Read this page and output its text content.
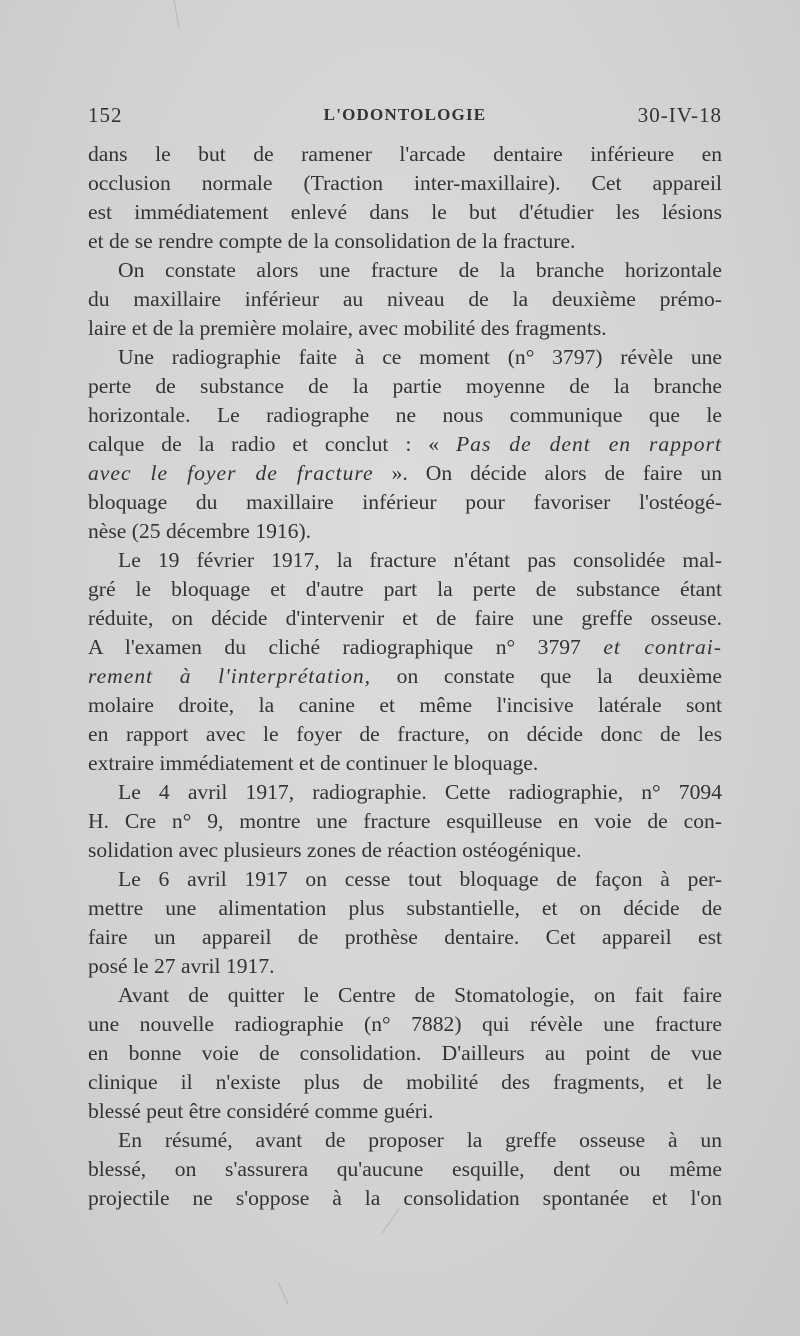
152	L'ODONTOLOGIE	30-IV-18
dans le but de ramener l'arcade dentaire inférieure en
occlusion normale (Traction inter-maxillaire). Cet appareil
est immédiatement enlevé dans le but d'étudier les lésions
et de se rendre compte de la consolidation de la fracture.
On constate alors une fracture de la branche horizontale
du maxillaire inférieur au niveau de la deuxième prémo-
laire et de la première molaire, avec mobilité des fragments.
Une radiographie faite à ce moment (n° 3797) révèle une
perte de substance de la partie moyenne de la branche
horizontale. Le radiographe ne nous communique que le
calque de la radio et conclut : « Pas de dent en rapport
avec le foyer de fracture ». On décide alors de faire un
bloquage du maxillaire inférieur pour favoriser l'ostéogé-
nèse (25 décembre 1916).
Le 19 février 1917, la fracture n'étant pas consolidée mal-
gré le bloquage et d'autre part la perte de substance étant
réduite, on décide d'intervenir et de faire une greffe osseuse.
A l'examen du cliché radiographique n° 3797 et contrai-
rement à l'interprétation, on constate que la deuxième
molaire droite, la canine et même l'incisive latérale sont
en rapport avec le foyer de fracture, on décide donc de les
extraire immédiatement et de continuer le bloquage.
Le 4 avril 1917, radiographie. Cette radiographie, n° 7094
H. Cre n° 9, montre une fracture esquilleuse en voie de con-
solidation avec plusieurs zones de réaction ostéogénique.
Le 6 avril 1917 on cesse tout bloquage de façon à per-
mettre une alimentation plus substantielle, et on décide de
faire un appareil de prothèse dentaire. Cet appareil est
posé le 27 avril 1917.
Avant de quitter le Centre de Stomatologie, on fait faire
une nouvelle radiographie (n° 7882) qui révèle une fracture
en bonne voie de consolidation. D'ailleurs au point de vue
clinique il n'existe plus de mobilité des fragments, et le
blessé peut être considéré comme guéri.
En résumé, avant de proposer la greffe osseuse à un
blessé, on s'assurera qu'aucune esquille, dent ou même
projectile ne s'oppose à la consolidation spontanée et l'on
